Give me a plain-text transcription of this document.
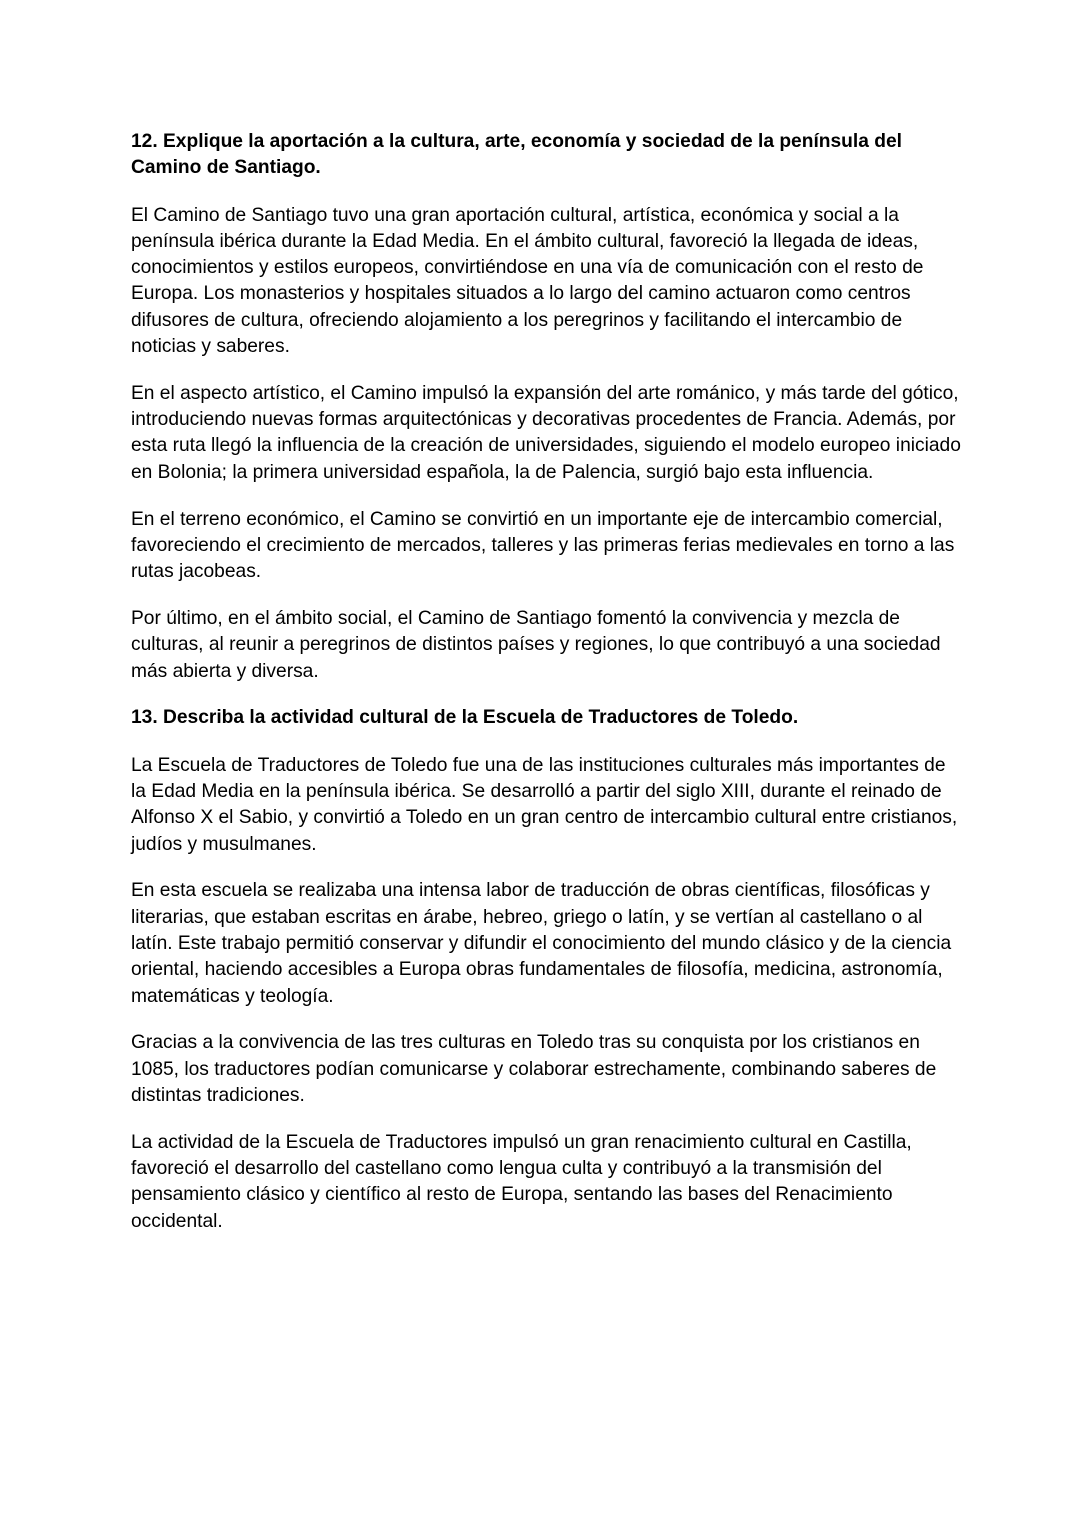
12. Explique la aportación a la cultura, arte, economía y sociedad de la península del Camino de Santiago.

El Camino de Santiago tuvo una gran aportación cultural, artística, económica y social a la península ibérica durante la Edad Media. En el ámbito cultural, favoreció la llegada de ideas, conocimientos y estilos europeos, convirtiéndose en una vía de comunicación con el resto de Europa. Los monasterios y hospitales situados a lo largo del camino actuaron como centros difusores de cultura, ofreciendo alojamiento a los peregrinos y facilitando el intercambio de noticias y saberes.

En el aspecto artístico, el Camino impulsó la expansión del arte románico, y más tarde del gótico, introduciendo nuevas formas arquitectónicas y decorativas procedentes de Francia. Además, por esta ruta llegó la influencia de la creación de universidades, siguiendo el modelo europeo iniciado en Bolonia; la primera universidad española, la de Palencia, surgió bajo esta influencia.

En el terreno económico, el Camino se convirtió en un importante eje de intercambio comercial, favoreciendo el crecimiento de mercados, talleres y las primeras ferias medievales en torno a las rutas jacobeas.

Por último, en el ámbito social, el Camino de Santiago fomentó la convivencia y mezcla de culturas, al reunir a peregrinos de distintos países y regiones, lo que contribuyó a una sociedad más abierta y diversa.

13. Describa la actividad cultural de la Escuela de Traductores de Toledo.

La Escuela de Traductores de Toledo fue una de las instituciones culturales más importantes de la Edad Media en la península ibérica. Se desarrolló a partir del siglo XIII, durante el reinado de Alfonso X el Sabio, y convirtió a Toledo en un gran centro de intercambio cultural entre cristianos, judíos y musulmanes.

En esta escuela se realizaba una intensa labor de traducción de obras científicas, filosóficas y literarias, que estaban escritas en árabe, hebreo, griego o latín, y se vertían al castellano o al latín. Este trabajo permitió conservar y difundir el conocimiento del mundo clásico y de la ciencia oriental, haciendo accesibles a Europa obras fundamentales de filosofía, medicina, astronomía, matemáticas y teología.

Gracias a la convivencia de las tres culturas en Toledo tras su conquista por los cristianos en 1085, los traductores podían comunicarse y colaborar estrechamente, combinando saberes de distintas tradiciones.

La actividad de la Escuela de Traductores impulsó un gran renacimiento cultural en Castilla, favoreció el desarrollo del castellano como lengua culta y contribuyó a la transmisión del pensamiento clásico y científico al resto de Europa, sentando las bases del Renacimiento occidental.
